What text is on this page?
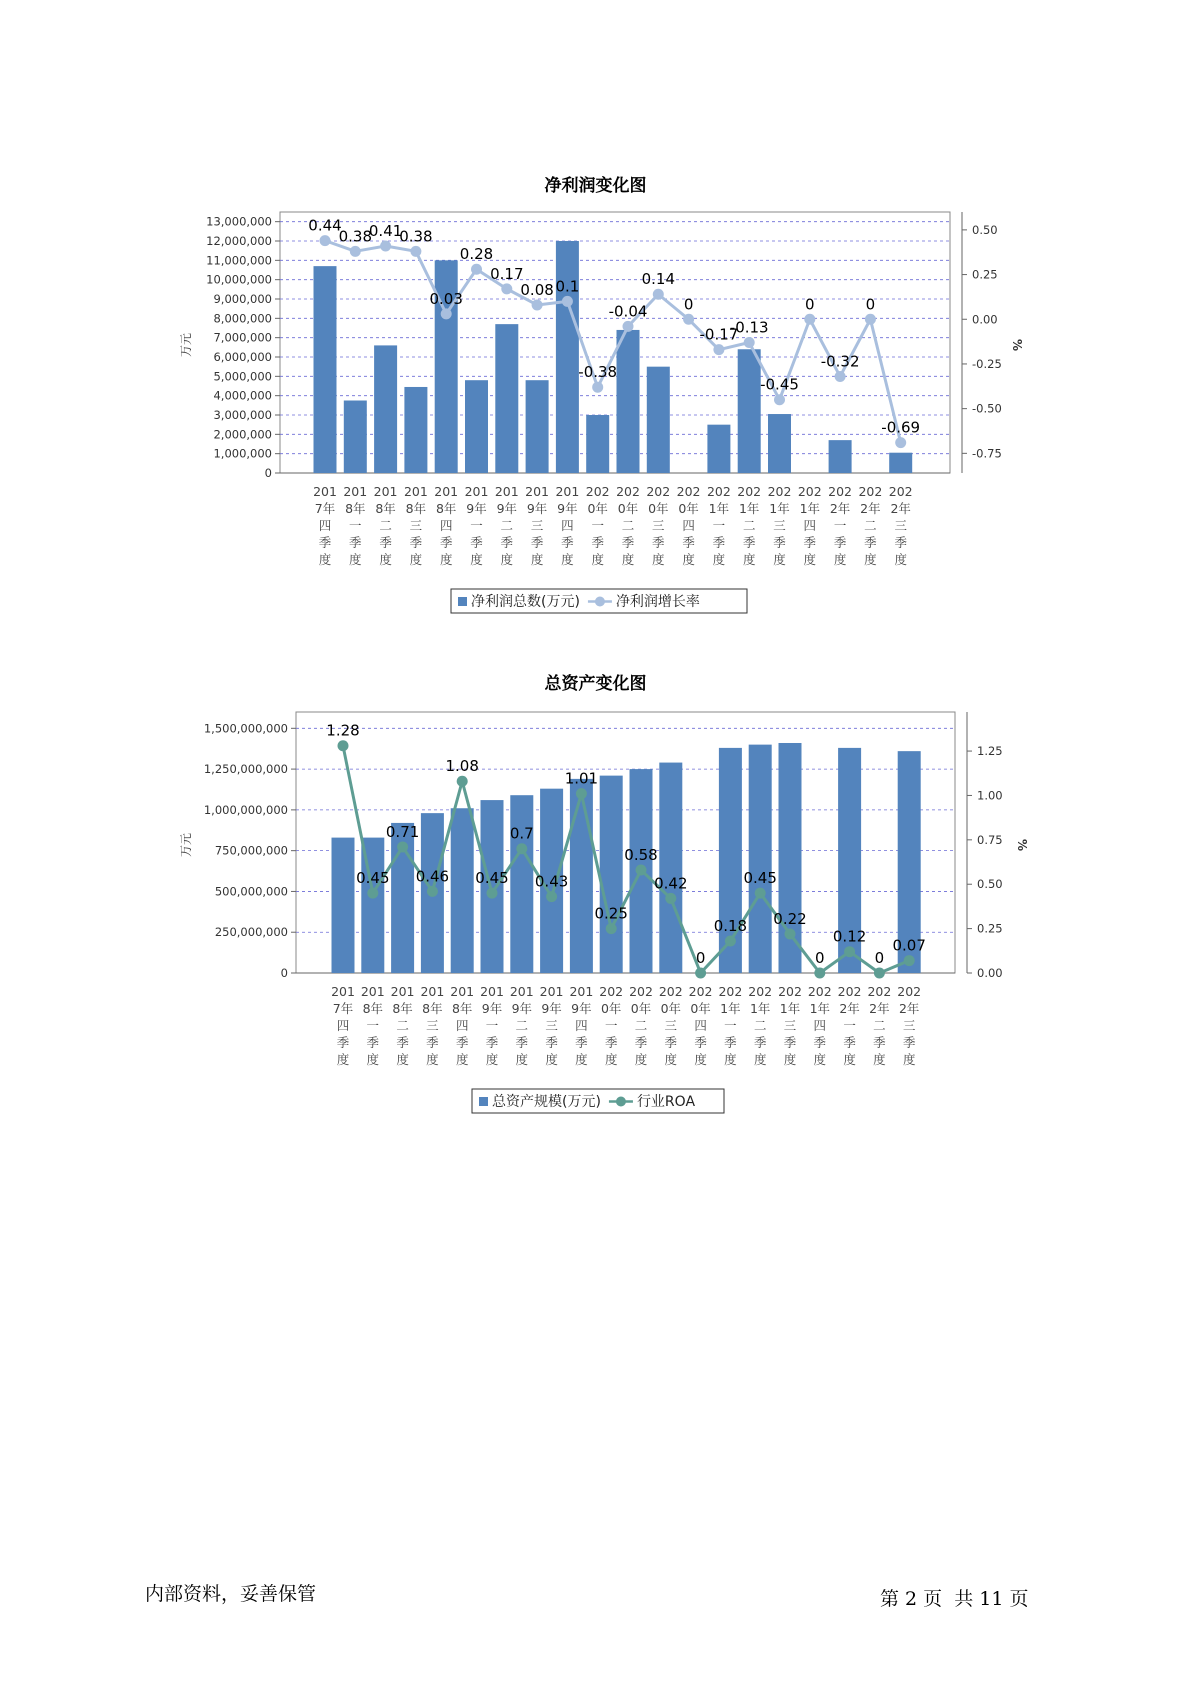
净利润变化图
13,000,000
12,000,000
11,000,000
10,000,000
9,000,000
8,000,000
7,000,000
6,000,000
5,000,000
4,000,000
3,000,000
2,000,000
1,000,000
0
0.50
0.25
0.00
-0.25
-0.50
-0.75
万元	%
0.44
0.38
0.41
0.38
0.03
0.28
0.17
0.08 0.1
-0.38
-0.04
0.14
0
-0.17
-0.13
-0.45
0
-0.32
0
-0.69
201 7年四季度
201 8年一季度
201 8年二季度
201 8年三季度
201 8年四季度
201 9年一季度
201 9年二季度
201 9年三季度
201 9年四季度
202 0年一季度
202 0年二季度
202 0年三季度
202 0年四季度
202 1年一季度
202 1年二季度
202 1年三季度
202 1年四季度
202 2年一季度
202 2年二季度
202 2年三季度
净利润总数(万元)	净利润增长率
总资产变化图
1,500,000,000
1,250,000,000
1,000,000,000
750,000,000
500,000,000
250,000,000
0
1.25
1.00
0.75
0.50
0.25
0.00
万元	%
1.28
0.45
0.71
0.46
1.08
0.45
0.7
0.43
1.01
0.25
0.58
0.42
0
0.18
0.45
0.22
0
0.12
0
0.07
201 7年四季度
201 8年一季度
201 8年二季度
201 8年三季度
201 8年四季度
201 9年一季度
201 9年二季度
201 9年三季度
201 9年四季度
202 0年一季度
202 0年二季度
202 0年三季度
202 0年四季度
202 1年一季度
202 1年二季度
202 1年三季度
202 1年四季度
202 2年一季度
202 2年二季度
202 2年三季度
总资产规模(万元)	行业ROA
内部资料，妥善保管	第 2 页  共 11 页
